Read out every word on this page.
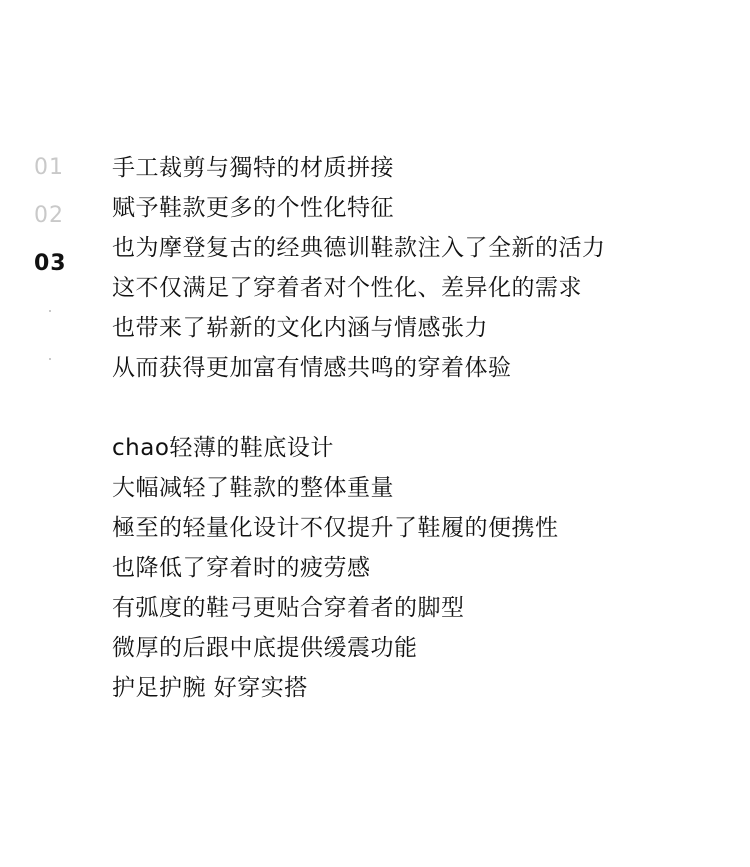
01
02
03
手工裁剪与獨特的材质拼接
赋予鞋款更多的个性化特征
也为摩登复古的经典德训鞋款注入了全新的活力
这不仅满足了穿着者对个性化、差异化的需求
也带来了崭新的文化内涵与情感张力
从而获得更加富有情感共鸣的穿着体验
chao轻薄的鞋底设计
大幅减轻了鞋款的整体重量
極至的轻量化设计不仅提升了鞋履的便携性
也降低了穿着时的疲劳感
有弧度的鞋弓更贴合穿着者的脚型
微厚的后跟中底提供缓震功能
护足护腕 好穿实搭
